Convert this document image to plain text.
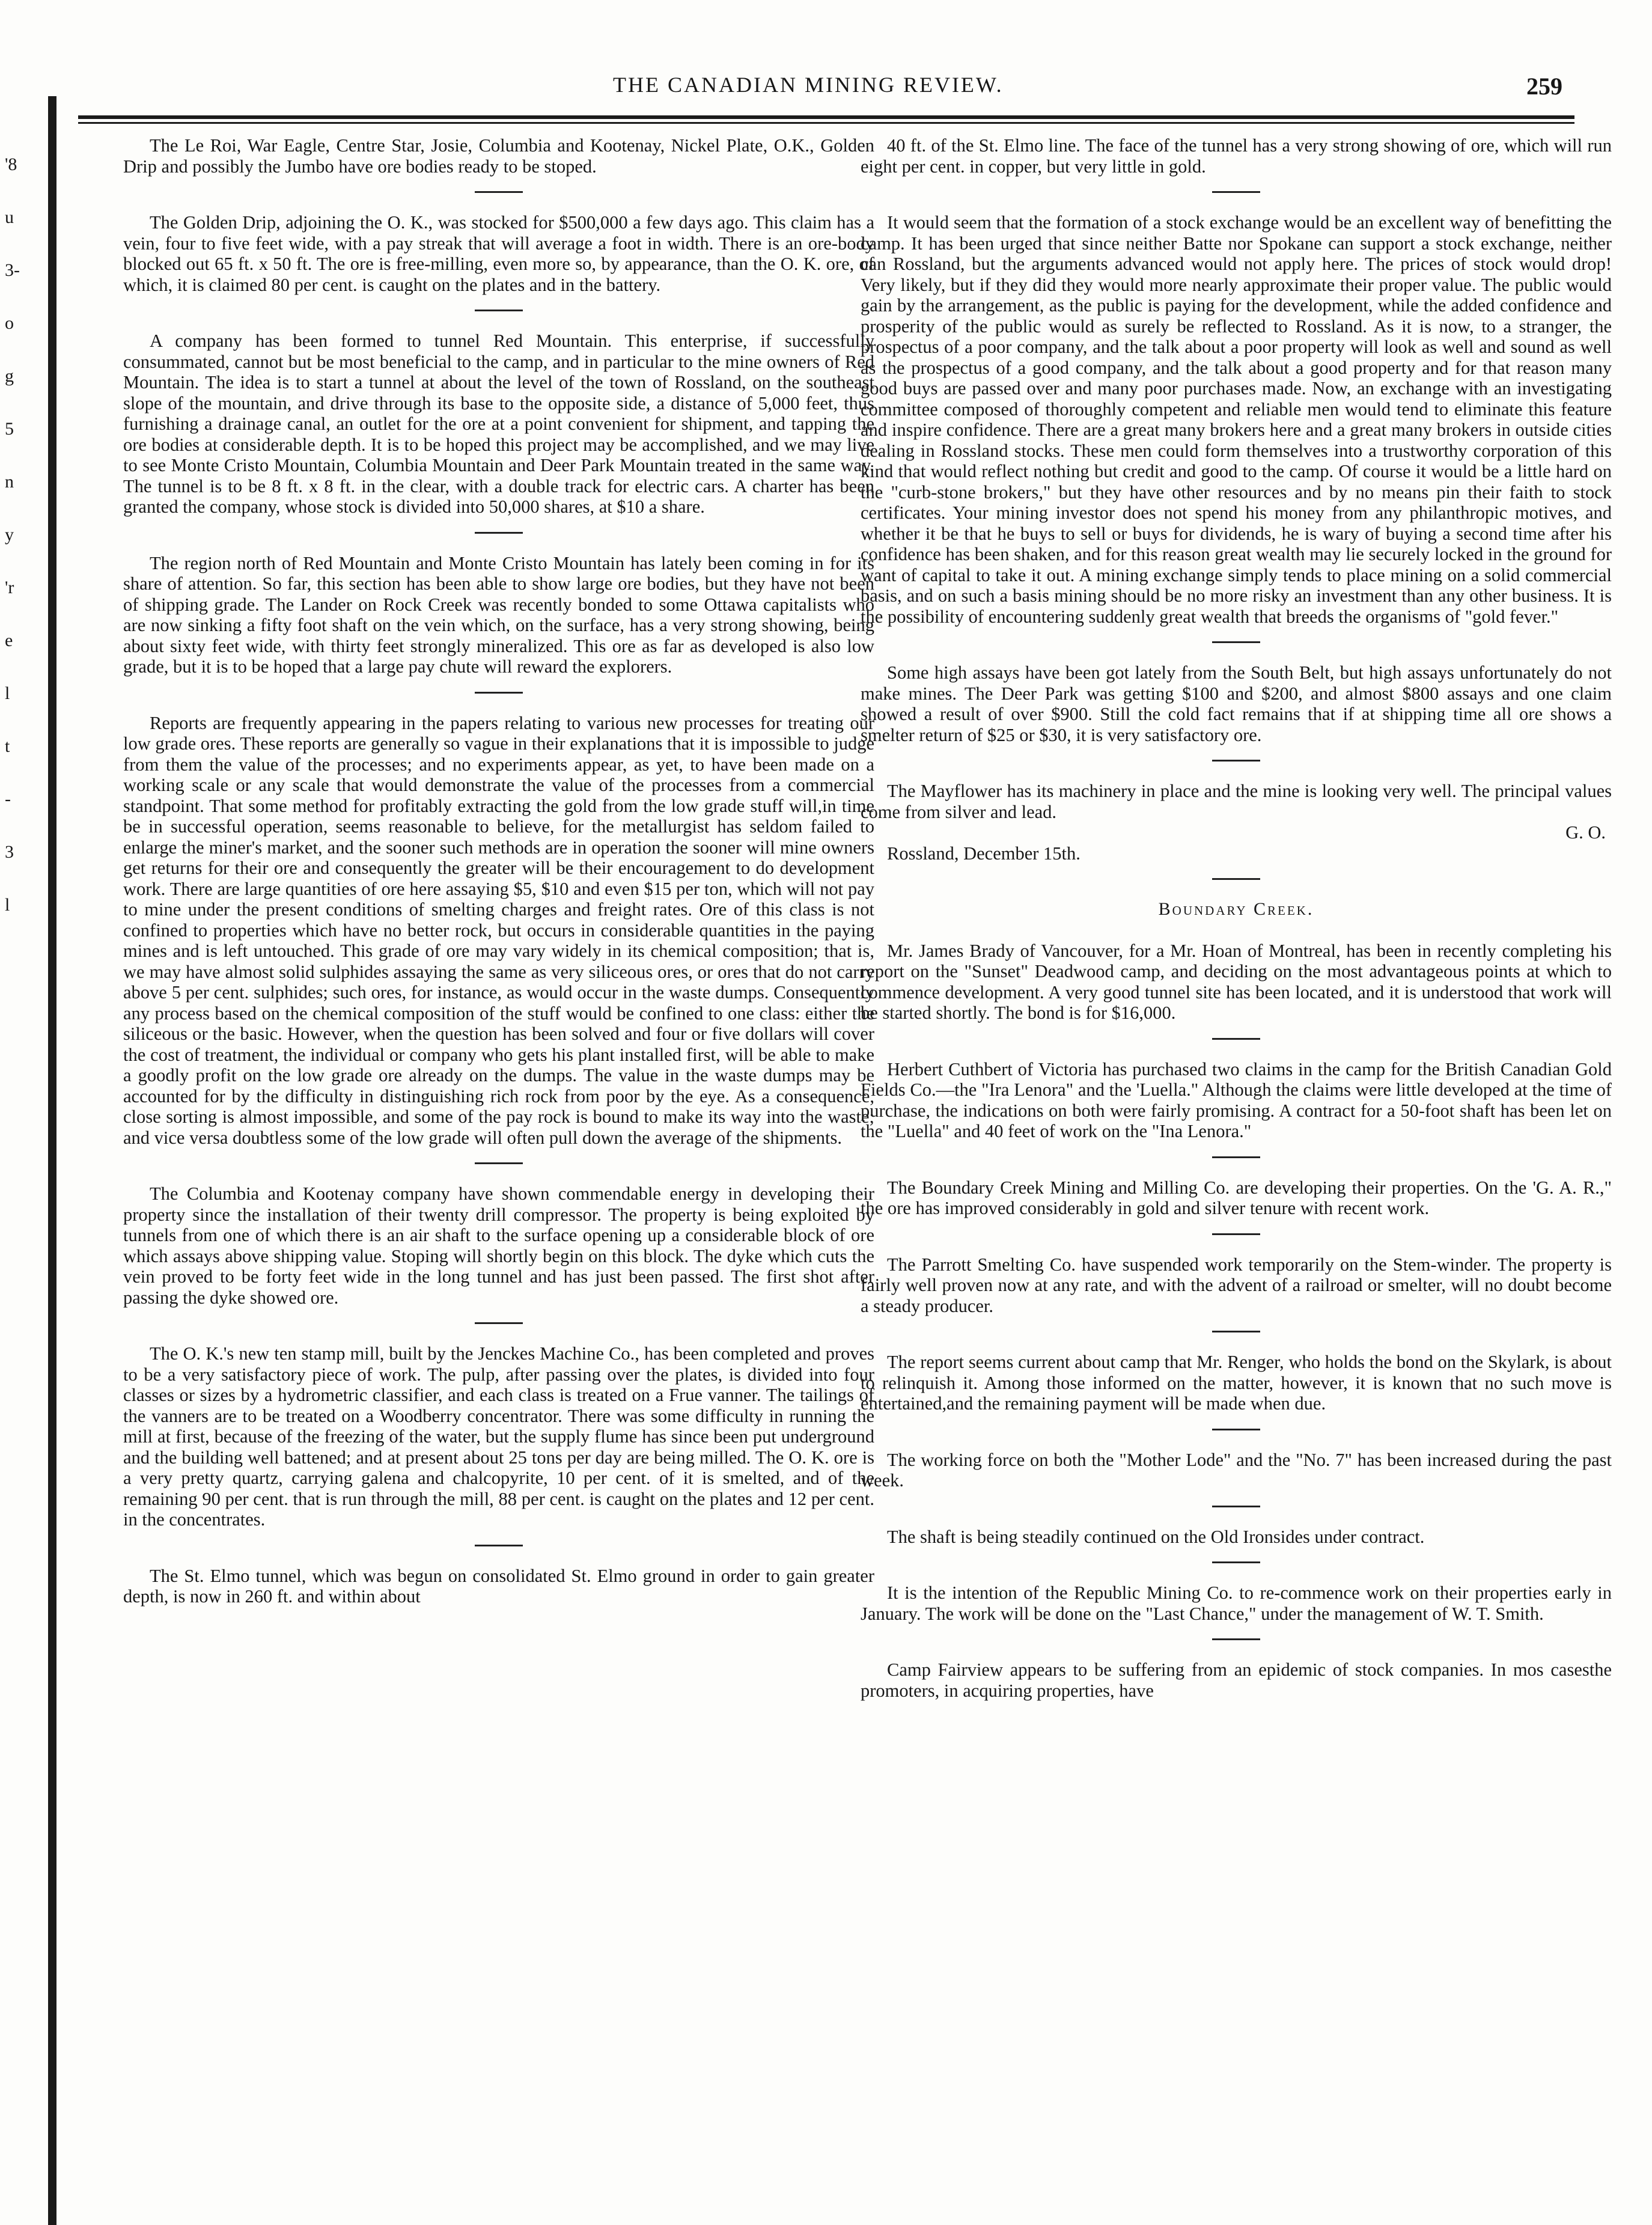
'8
u
3-
o
g
5
n
y
'r
e
l
t
-
3
l
THE CANADIAN MINING REVIEW.	259

The Le Roi, War Eagle, Centre Star, Josie, Columbia and Kootenay, Nickel Plate, O.K., Golden Drip and possibly the Jumbo have ore bodies ready to be stoped.

The Golden Drip, adjoining the O. K., was stocked for $500,000 a few days ago. This claim has a vein, four to five feet wide, with a pay streak that will average a foot in width. There is an ore-body blocked out 65 ft. x 50 ft. The ore is free-milling, even more so, by appearance, than the O. K. ore, of which, it is claimed 80 per cent. is caught on the plates and in the battery.

A company has been formed to tunnel Red Mountain. This enterprise, if successfully consummated, cannot but be most beneficial to the camp, and in particular to the mine owners of Red Mountain. The idea is to start a tunnel at about the level of the town of Rossland, on the southeast slope of the mountain, and drive through its base to the opposite side, a distance of 5,000 feet, thus furnishing a drainage canal, an outlet for the ore at a point convenient for shipment, and tapping the ore bodies at considerable depth. It is to be hoped this project may be accomplished, and we may live to see Monte Cristo Mountain, Columbia Mountain and Deer Park Mountain treated in the same way. The tunnel is to be 8 ft. x 8 ft. in the clear, with a double track for electric cars. A charter has been granted the company, whose stock is divided into 50,000 shares, at $10 a share.

The region north of Red Mountain and Monte Cristo Mountain has lately been coming in for its share of attention. So far, this section has been able to show large ore bodies, but they have not been of shipping grade. The Lander on Rock Creek was recently bonded to some Ottawa capitalists who are now sinking a fifty foot shaft on the vein which, on the surface, has a very strong showing, being about sixty feet wide, with thirty feet strongly mineralized. This ore as far as developed is also low grade, but it is to be hoped that a large pay chute will reward the explorers.

Reports are frequently appearing in the papers relating to various new processes for treating our low grade ores. These reports are generally so vague in their explanations that it is impossible to judge from them the value of the processes; and no experiments appear, as yet, to have been made on a working scale or any scale that would demonstrate the value of the processes from a commercial standpoint. That some method for profitably extracting the gold from the low grade stuff will,in time be in successful operation, seems reasonable to believe, for the metallurgist has seldom failed to enlarge the miner's market, and the sooner such methods are in operation the sooner will mine owners get returns for their ore and consequently the greater will be their encouragement to do development work. There are large quantities of ore here assaying $5, $10 and even $15 per ton, which will not pay to mine under the present conditions of smelting charges and freight rates. Ore of this class is not confined to properties which have no better rock, but occurs in considerable quantities in the paying mines and is left untouched. This grade of ore may vary widely in its chemical composition; that is, we may have almost solid sulphides assaying the same as very siliceous ores, or ores that do not carry above 5 per cent. sulphides; such ores, for instance, as would occur in the waste dumps. Consequently any process based on the chemical composition of the stuff would be confined to one class: either the siliceous or the basic. However, when the question has been solved and four or five dollars will cover the cost of treatment, the individual or company who gets his plant installed first, will be able to make a goodly profit on the low grade ore already on the dumps. The value in the waste dumps may be accounted for by the difficulty in distinguishing rich rock from poor by the eye. As a consequence, close sorting is almost impossible, and some of the pay rock is bound to make its way into the waste; and vice versa doubtless some of the low grade will often pull down the average of the shipments.

The Columbia and Kootenay company have shown commendable energy in developing their property since the installation of their twenty drill compressor. The property is being exploited by tunnels from one of which there is an air shaft to the surface opening up a considerable block of ore which assays above shipping value. Stoping will shortly begin on this block. The dyke which cuts the vein proved to be forty feet wide in the long tunnel and has just been passed. The first shot after passing the dyke showed ore.

The O. K.'s new ten stamp mill, built by the Jenckes Machine Co., has been completed and proves to be a very satisfactory piece of work. The pulp, after passing over the plates, is divided into four classes or sizes by a hydrometric classifier, and each class is treated on a Frue vanner. The tailings of the vanners are to be treated on a Woodberry concentrator. There was some difficulty in running the mill at first, because of the freezing of the water, but the supply flume has since been put underground and the building well battened; and at present about 25 tons per day are being milled. The O. K. ore is a very pretty quartz, carrying galena and chalcopyrite, 10 per cent. of it is smelted, and of the remaining 90 per cent. that is run through the mill, 88 per cent. is caught on the plates and 12 per cent. in the concentrates.

The St. Elmo tunnel, which was begun on consolidated St. Elmo ground in order to gain greater depth, is now in 260 ft. and within about

40 ft. of the St. Elmo line. The face of the tunnel has a very strong showing of ore, which will run eight per cent. in copper, but very little in gold.

It would seem that the formation of a stock exchange would be an excellent way of benefitting the camp. It has been urged that since neither Batte nor Spokane can support a stock exchange, neither can Rossland, but the arguments advanced would not apply here. The prices of stock would drop! Very likely, but if they did they would more nearly approximate their proper value. The public would gain by the arrangement, as the public is paying for the development, while the added confidence and prosperity of the public would as surely be reflected to Rossland. As it is now, to a stranger, the prospectus of a poor company, and the talk about a poor property will look as well and sound as well as the prospectus of a good company, and the talk about a good property and for that reason many good buys are passed over and many poor purchases made. Now, an exchange with an investigating committee composed of thoroughly competent and reliable men would tend to eliminate this feature and inspire confidence. There are a great many brokers here and a great many brokers in outside cities dealing in Rossland stocks. These men could form themselves into a trustworthy corporation of this kind that would reflect nothing but credit and good to the camp. Of course it would be a little hard on the "curb-stone brokers," but they have other resources and by no means pin their faith to stock certificates. Your mining investor does not spend his money from any philanthropic motives, and whether it be that he buys to sell or buys for dividends, he is wary of buying a second time after his confidence has been shaken, and for this reason great wealth may lie securely locked in the ground for want of capital to take it out. A mining exchange simply tends to place mining on a solid commercial basis, and on such a basis mining should be no more risky an investment than any other business. It is the possibility of encountering suddenly great wealth that breeds the organisms of "gold fever."

Some high assays have been got lately from the South Belt, but high assays unfortunately do not make mines. The Deer Park was getting $100 and $200, and almost $800 assays and one claim showed a result of over $900. Still the cold fact remains that if at shipping time all ore shows a smelter return of $25 or $30, it is very satisfactory ore.

The Mayflower has its machinery in place and the mine is looking very well. The principal values come from silver and lead.

G. O.

Rossland, December 15th.

Boundary Creek.

Mr. James Brady of Vancouver, for a Mr. Hoan of Montreal, has been in recently completing his report on the "Sunset" Deadwood camp, and deciding on the most advantageous points at which to commence development. A very good tunnel site has been located, and it is understood that work will be started shortly. The bond is for $16,000.

Herbert Cuthbert of Victoria has purchased two claims in the camp for the British Canadian Gold Fields Co.—the "Ira Lenora" and the 'Luella." Although the claims were little developed at the time of purchase, the indications on both were fairly promising. A contract for a 50-foot shaft has been let on the "Luella" and 40 feet of work on the "Ina Lenora."

The Boundary Creek Mining and Milling Co. are developing their properties. On the 'G. A. R.," the ore has improved considerably in gold and silver tenure with recent work.

The Parrott Smelting Co. have suspended work temporarily on the Stem-winder. The property is fairly well proven now at any rate, and with the advent of a railroad or smelter, will no doubt become a steady producer.

The report seems current about camp that Mr. Renger, who holds the bond on the Skylark, is about to relinquish it. Among those informed on the matter, however, it is known that no such move is entertained,and the remaining payment will be made when due.

The working force on both the "Mother Lode" and the "No. 7" has been increased during the past week.

The shaft is being steadily continued on the Old Ironsides under contract.

It is the intention of the Republic Mining Co. to re-commence work on their properties early in January. The work will be done on the "Last Chance," under the management of W. T. Smith.

Camp Fairview appears to be suffering from an epidemic of stock companies. In mos casesthe promoters, in acquiring properties, have
